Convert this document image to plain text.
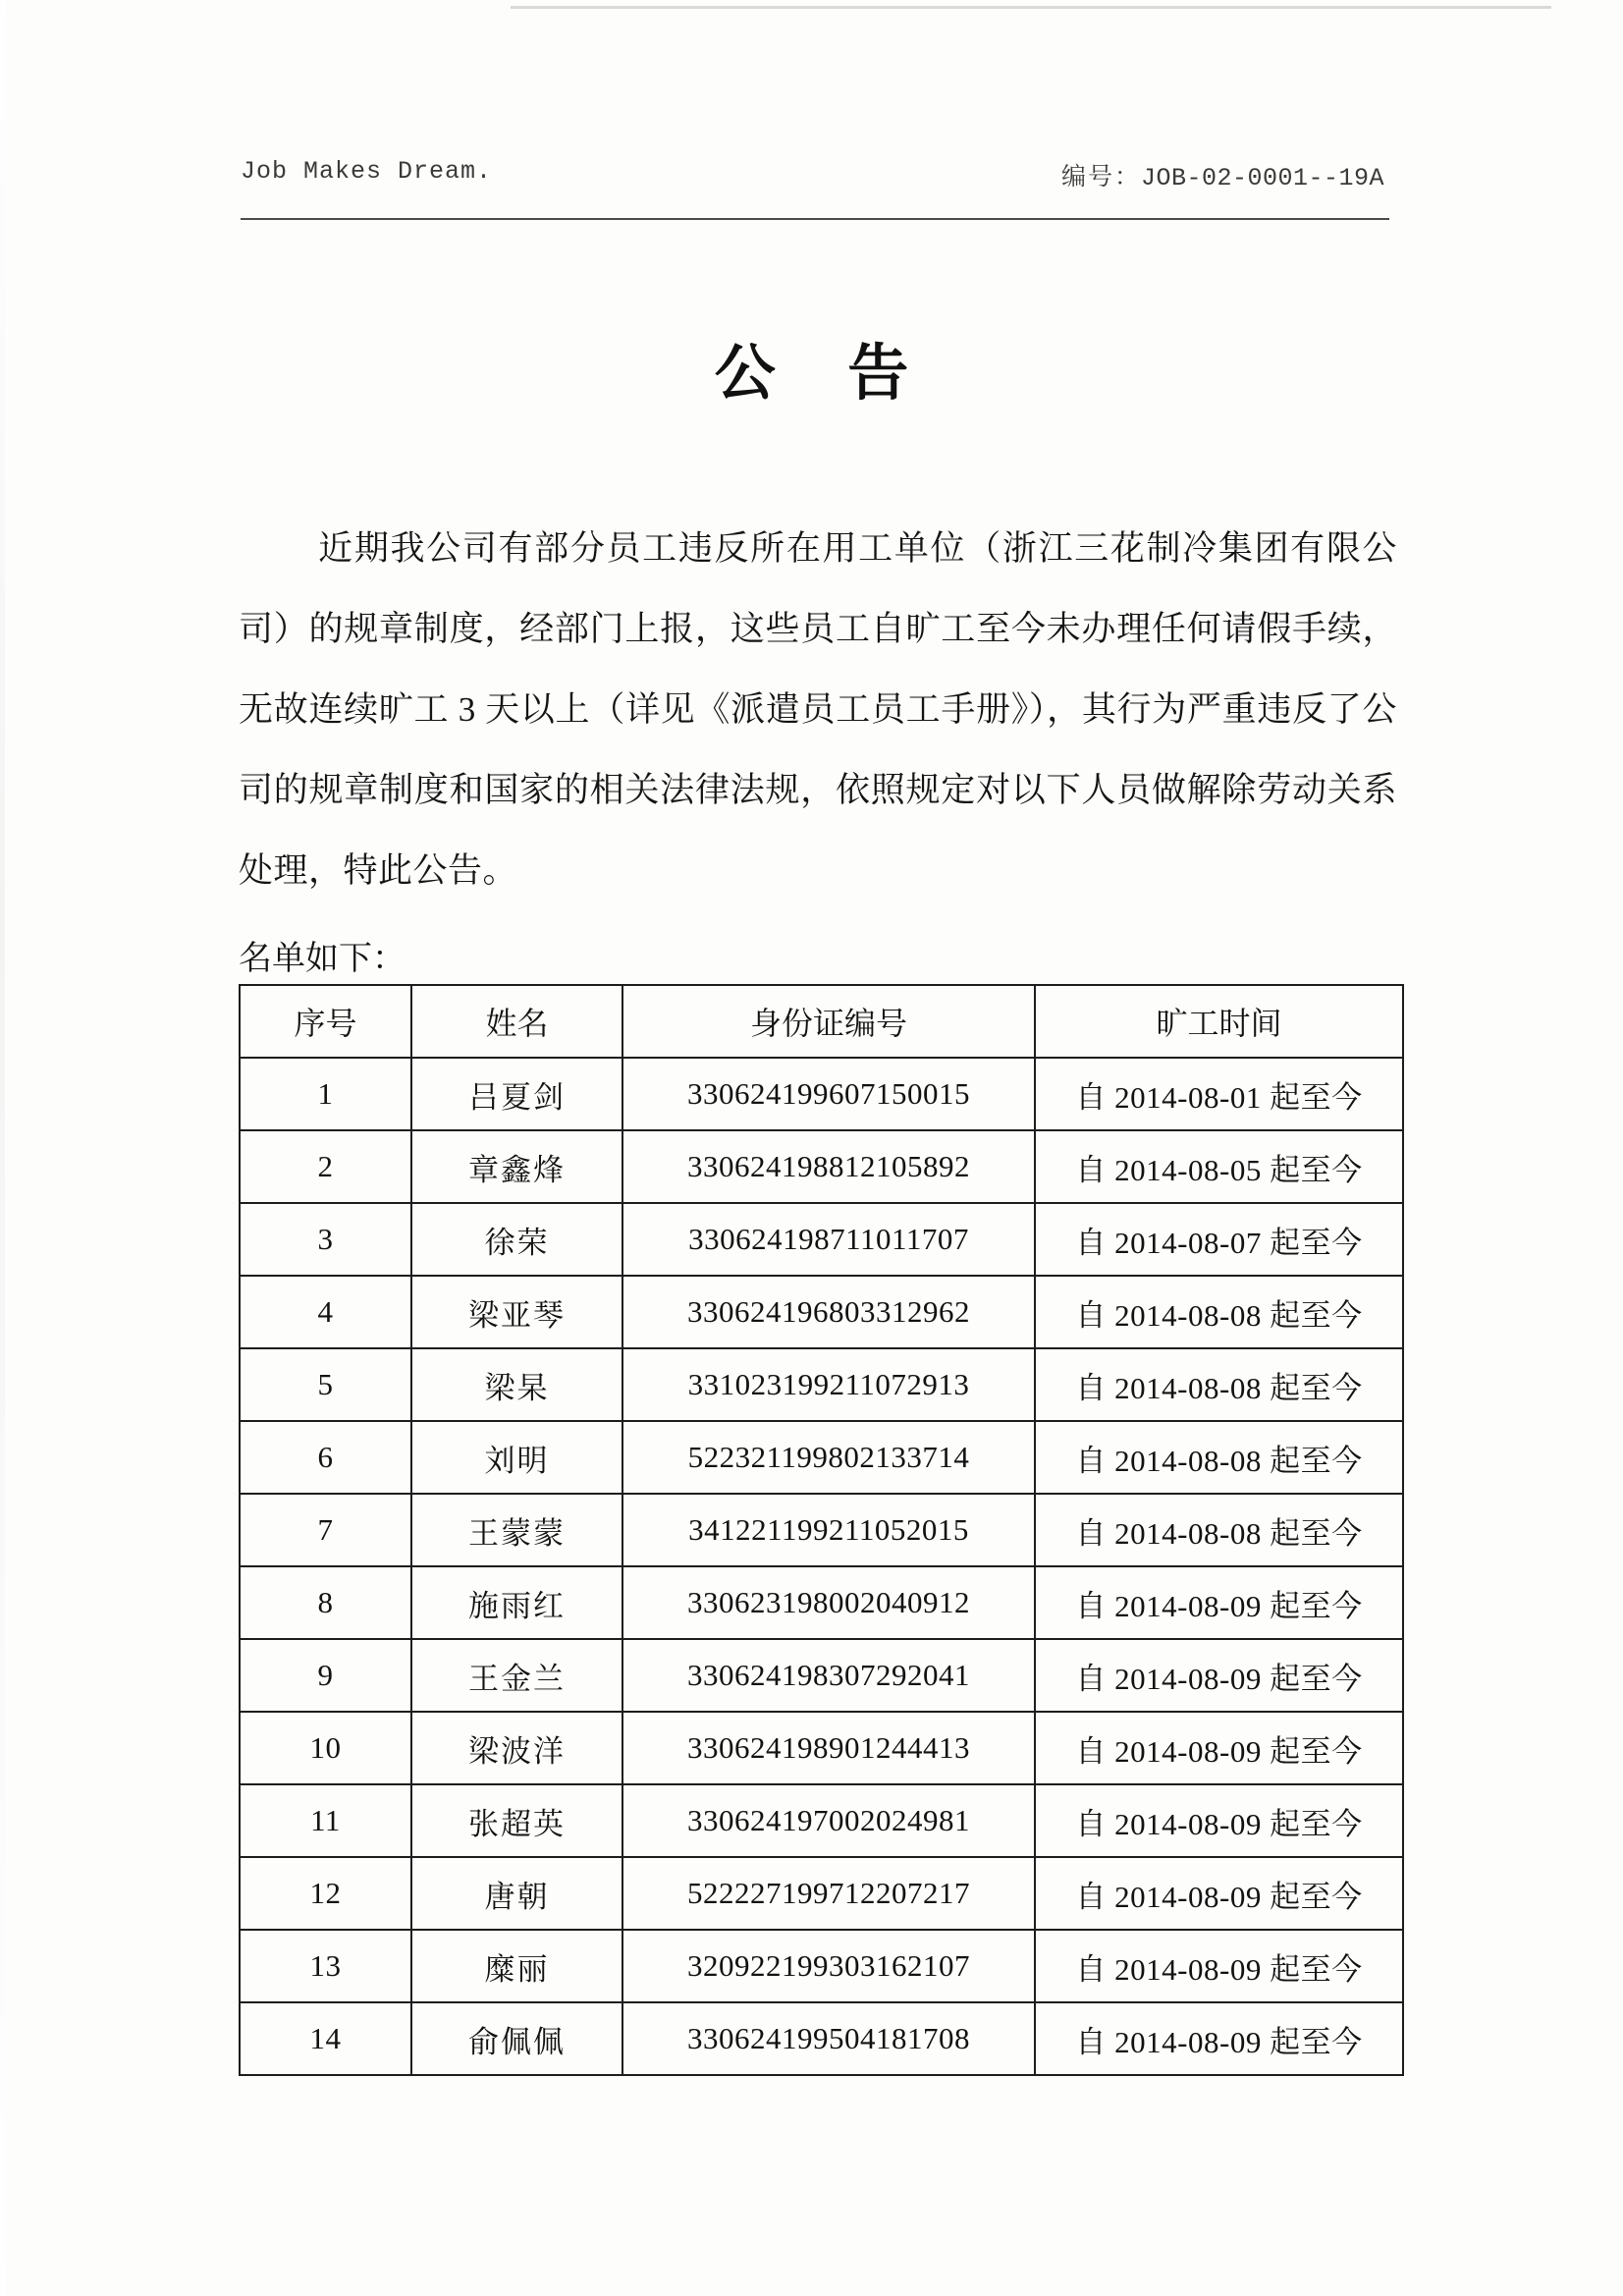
Job Makes Dream.	编号：JOB-02-0001--19A
公 告
近期我公司有部分员工违反所在用工单位（浙江三花制冷集团有限公司）的规章制度，经部门上报，这些员工自旷工至今未办理任何请假手续，无故连续旷工 3 天以上（详见《派遣员工员工手册》），其行为严重违反了公司的规章制度和国家的相关法律法规，依照规定对以下人员做解除劳动关系处理，特此公告。
名单如下：
序号	姓名	身份证编号	旷工时间
1	吕夏剑	330624199607150015	自 2014-08-01 起至今
2	章鑫烽	330624198812105892	自 2014-08-05 起至今
3	徐荣	330624198711011707	自 2014-08-07 起至今
4	梁亚琴	330624196803312962	自 2014-08-08 起至今
5	梁杲	331023199211072913	自 2014-08-08 起至今
6	刘明	522321199802133714	自 2014-08-08 起至今
7	王蒙蒙	341221199211052015	自 2014-08-08 起至今
8	施雨红	330623198002040912	自 2014-08-09 起至今
9	王金兰	330624198307292041	自 2014-08-09 起至今
10	梁波洋	330624198901244413	自 2014-08-09 起至今
11	张超英	330624197002024981	自 2014-08-09 起至今
12	唐朝	522227199712207217	自 2014-08-09 起至今
13	糜丽	320922199303162107	自 2014-08-09 起至今
14	俞佩佩	330624199504181708	自 2014-08-09 起至今
